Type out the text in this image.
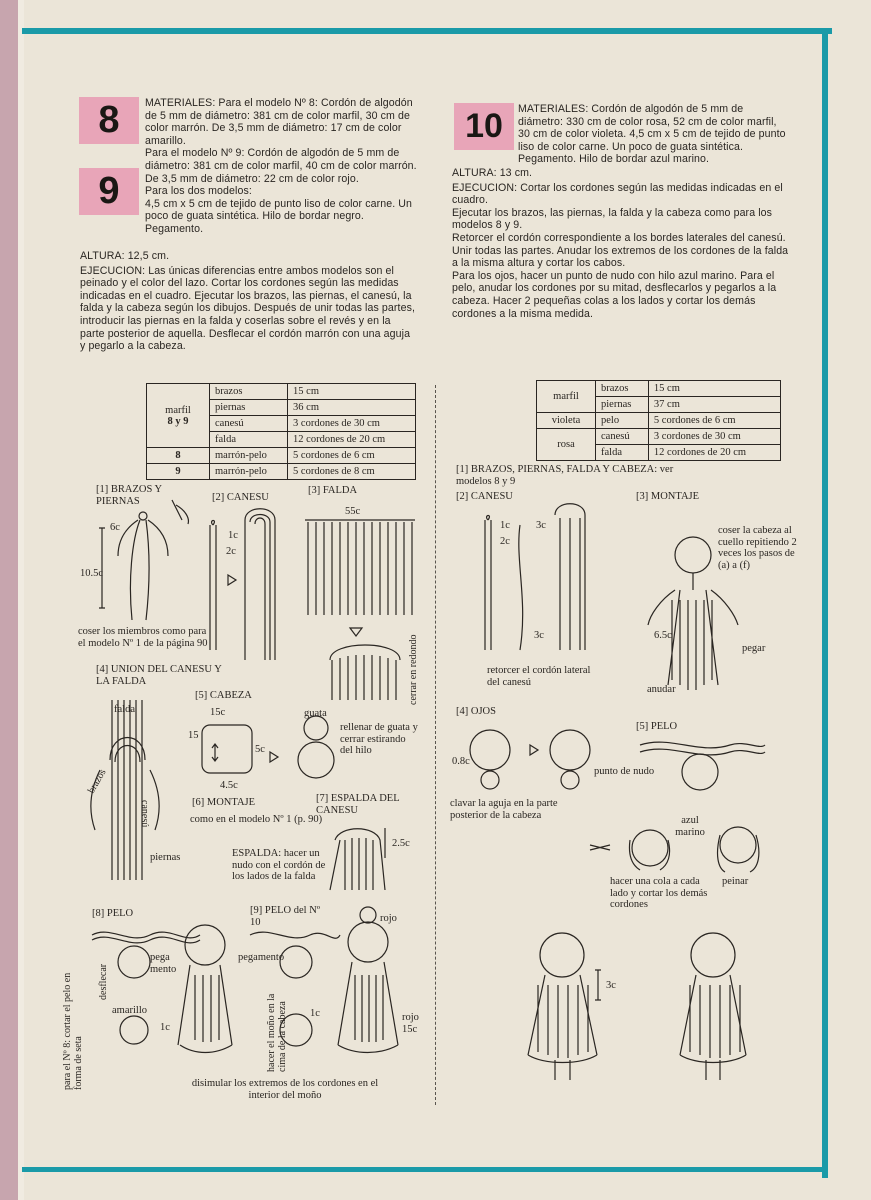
8
9
10

MATERIALES: Para el modelo Nº 8: Cordón de algodón de 5 mm de diámetro: 381 cm de color marfil, 30 cm de color marrón. De 3,5 mm de diámetro: 17 cm de color amarillo.

Para el modelo Nº 9: Cordón de algodón de 5 mm de diámetro: 381 cm de color marfil, 40 cm de color marrón. De 3,5 mm de diámetro: 22 cm de color rojo.

Para los dos modelos:

4,5 cm x 5 cm de tejido de punto liso de color carne. Un poco de guata sintética. Hilo de bordar negro. Pegamento.

ALTURA: 12,5 cm.

EJECUCION: Las únicas diferencias entre ambos modelos son el peinado y el color del lazo. Cortar los cordones según las medidas indicadas en el cuadro. Ejecutar los brazos, las piernas, el canesú, la falda y la cabeza según los dibujos. Después de unir todas las partes, introducir las piernas en la falda y coserlas sobre el revés y en la parte posterior de aquella. Desflecar el cordón marrón con una aguja y pegarlo a la cabeza.

MATERIALES: Cordón de algodón de 5 mm de diámetro: 330 cm de color rosa, 52 cm de color marfil, 30 cm de color violeta. 4,5 cm x 5 cm de tejido de punto liso de color carne. Un poco de guata sintética. Pegamento. Hilo de bordar azul marino.

ALTURA: 13 cm.

EJECUCION: Cortar los cordones según las medidas indicadas en el cuadro.

Ejecutar los brazos, las piernas, la falda y la cabeza como para los modelos 8 y 9.

Retorcer el cordón correspondiente a los bordes laterales del canesú. Unir todas las partes. Anudar los extremos de los cordones de la falda a la misma altura y cortar los cabos.

Para los ojos, hacer un punto de nudo con hilo azul marino. Para el pelo, anudar los cordones por su mitad, desflecarlos y pegarlos a la cabeza. Hacer 2 pequeñas colas a los lados y cortar los demás cordones a la misma medida.

marfil
8 y 9	brazos	15 cm
	piernas	36 cm
	canesú	3 cordones de 30 cm
	falda	12 cordones de 20 cm
8	marrón-pelo	5 cordones de 6 cm
9	marrón-pelo	5 cordones de 8 cm
marfil	brazos	15 cm
	piernas	37 cm
violeta	pelo	5 cordones de 6 cm
rosa	canesú	3 cordones de 30 cm
	falda	12 cordones de 20 cm
[1] BRAZOS Y PIERNAS
6c
10.5c
coser los miembros como para el modelo Nº 1 de la página 90
[2] CANESU
1c
2c
[3] FALDA
55c
cerrar en redondo
[4] UNION DEL CANESU Y LA FALDA
falda
brazos
canesú
piernas
[5] CABEZA
15c
15
5c
4.5c
guata
rellenar de guata y cerrar estirando del hilo
[6] MONTAJE
como en el modelo Nº 1 (p. 90)
[7] ESPALDA DEL CANESU
2.5c
ESPALDA: hacer un nudo con el cordón de los lados de la falda
[8] PELO
pega mento
desflecar
amarillo
1c
para el Nº 8: cortar el pelo en forma de seta
[9] PELO del Nº 10
pegamento
rojo
rojo
1c
15c
hacer el moño en la cima de la cabeza
disimular los extremos de los cordones en el interior del moño
[1] BRAZOS, PIERNAS, FALDA Y CABEZA: ver modelos 8 y 9
[2] CANESU
1c
2c
3c
3c
retorcer el cordón lateral del canesú
[3] MONTAJE
coser la cabeza al cuello repitiendo 2 veces los pasos de (a) a (f)
6.5c
pegar
anudar
[4] OJOS
0.8c
punto de nudo
clavar la aguja en la parte posterior de la cabeza
[5] PELO
azul marino
peinar
hacer una cola a cada lado y cortar los demás cordones
3c
